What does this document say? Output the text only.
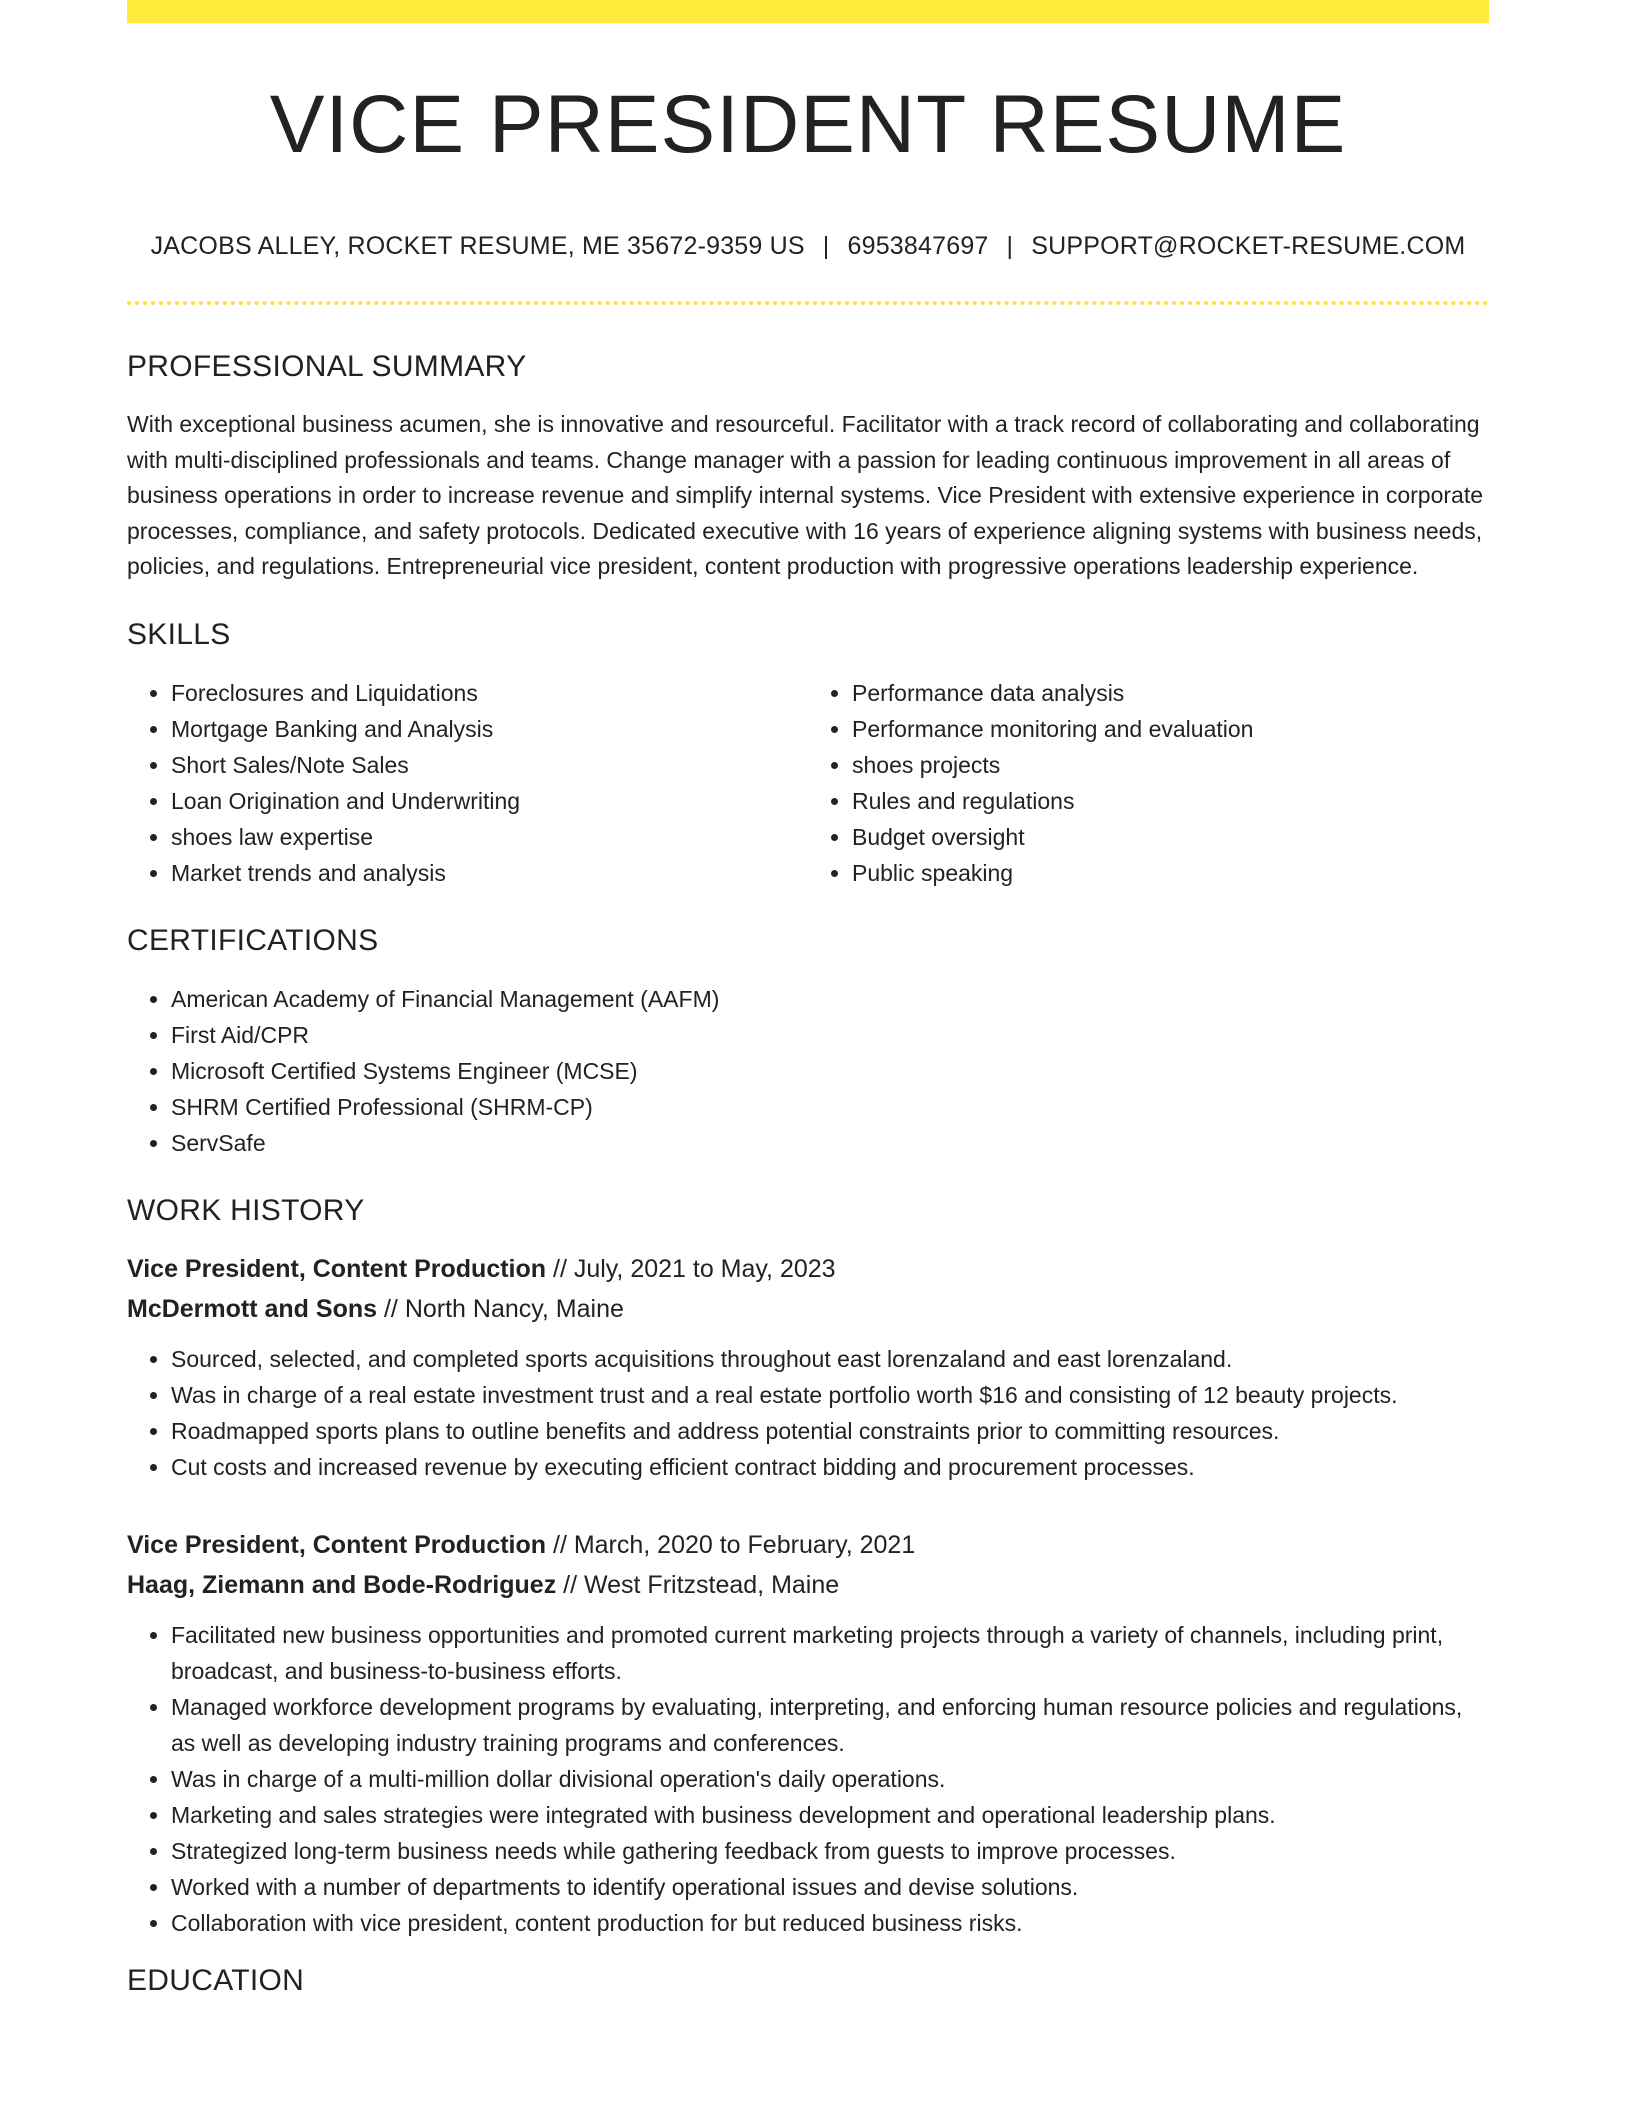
VICE PRESIDENT RESUME
JACOBS ALLEY, ROCKET RESUME, ME 35672-9359 US | 6953847697 | SUPPORT@ROCKET-RESUME.COM
PROFESSIONAL SUMMARY

With exceptional business acumen, she is innovative and resourceful. Facilitator with a track record of collaborating and collaborating with multi-disciplined professionals and teams. Change manager with a passion for leading continuous improvement in all areas of business operations in order to increase revenue and simplify internal systems. Vice President with extensive experience in corporate processes, compliance, and safety protocols. Dedicated executive with 16 years of experience aligning systems with business needs, policies, and regulations. Entrepreneurial vice president, content production with progressive operations leadership experience.

SKILLS
• Foreclosures and Liquidations
• Mortgage Banking and Analysis
• Short Sales/Note Sales
• Loan Origination and Underwriting
• shoes law expertise
• Market trends and analysis
• Performance data analysis
• Performance monitoring and evaluation
• shoes projects
• Rules and regulations
• Budget oversight
• Public speaking
CERTIFICATIONS
• American Academy of Financial Management (AAFM)
• First Aid/CPR
• Microsoft Certified Systems Engineer (MCSE)
• SHRM Certified Professional (SHRM-CP)
• ServSafe
WORK HISTORY
Vice President, Content Production // July, 2021 to May, 2023
McDermott and Sons // North Nancy, Maine
• Sourced, selected, and completed sports acquisitions throughout east lorenzaland and east lorenzaland.
• Was in charge of a real estate investment trust and a real estate portfolio worth $16 and consisting of 12 beauty projects.
• Roadmapped sports plans to outline benefits and address potential constraints prior to committing resources.
• Cut costs and increased revenue by executing efficient contract bidding and procurement processes.
Vice President, Content Production // March, 2020 to February, 2021
Haag, Ziemann and Bode-Rodriguez // West Fritzstead, Maine
• Facilitated new business opportunities and promoted current marketing projects through a variety of channels, including print, broadcast, and business-to-business efforts.
• Managed workforce development programs by evaluating, interpreting, and enforcing human resource policies and regulations, as well as developing industry training programs and conferences.
• Was in charge of a multi-million dollar divisional operation's daily operations.
• Marketing and sales strategies were integrated with business development and operational leadership plans.
• Strategized long-term business needs while gathering feedback from guests to improve processes.
• Worked with a number of departments to identify operational issues and devise solutions.
• Collaboration with vice president, content production for but reduced business risks.
EDUCATION
